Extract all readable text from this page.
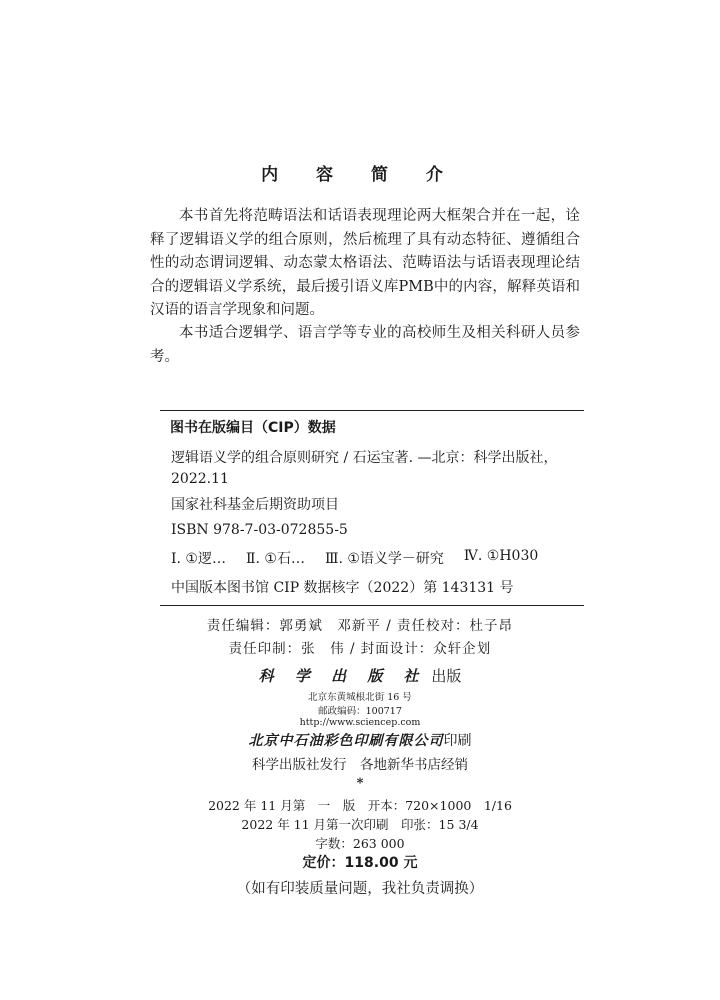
内 容 简 介

本书首先将范畴语法和话语表现理论两大框架合并在一起，诠释了逻辑语义学的组合原则，然后梳理了具有动态特征、遵循组合性的动态谓词逻辑、动态蒙太格语法、范畴语法与话语表现理论结合的逻辑语义学系统，最后援引语义库PMB中的内容，解释英语和汉语的语言学现象和问题。

本书适合逻辑学、语言学等专业的高校师生及相关科研人员参考。

图书在版编目（CIP）数据
逻辑语义学的组合原则研究 / 石运宝著. —北京：科学出版社，2022.11
国家社科基金后期资助项目
ISBN 978-7-03-072855-5
Ⅰ. ①逻… Ⅱ. ①石… Ⅲ. ①语义学－研究 Ⅳ. ①H030
中国版本图书馆 CIP 数据核字（2022）第 143131 号
责任编辑：郭勇斌　邓新平 / 责任校对：杜子昂
责任印制：张　伟 / 封面设计：众轩企划
科 学 出 版 社 出版
北京东黄城根北街 16 号
邮政编码：100717
http://www.sciencep.com
北京中石油彩色印刷有限公司印刷
科学出版社发行　各地新华书店经销
*
2022 年 11 月第　一　版　开本：720×1000　1/16
2022 年 11 月第一次印刷　印张：15 3/4
字数：263 000
定价：118.00 元
（如有印装质量问题，我社负责调换）
